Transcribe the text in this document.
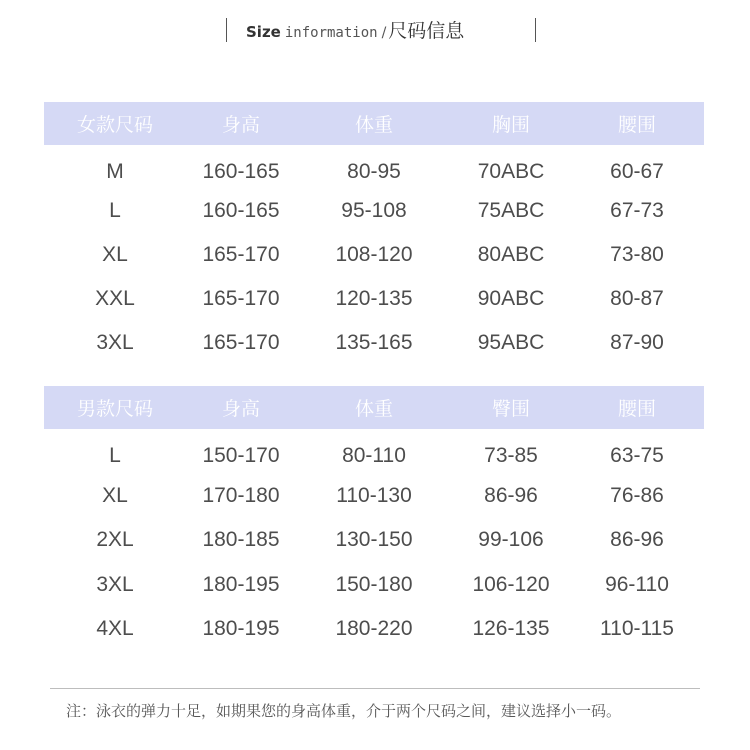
Size information / 尺码信息
女款尺码	身高	体重	胸围	腰围
M	160-165	80-95	70ABC	60-67
L	160-165	95-108	75ABC	67-73
XL	165-170	108-120	80ABC	73-80
XXL	165-170	120-135	90ABC	80-87
3XL	165-170	135-165	95ABC	87-90
男款尺码	身高	体重	臀围	腰围
L	150-170	80-110	73-85	63-75
XL	170-180	110-130	86-96	76-86
2XL	180-185	130-150	99-106	86-96
3XL	180-195	150-180	106-120	96-110
4XL	180-195	180-220	126-135	110-115
注：泳衣的弹力十足，如期果您的身高体重，介于两个尺码之间，建议选择小一码。
